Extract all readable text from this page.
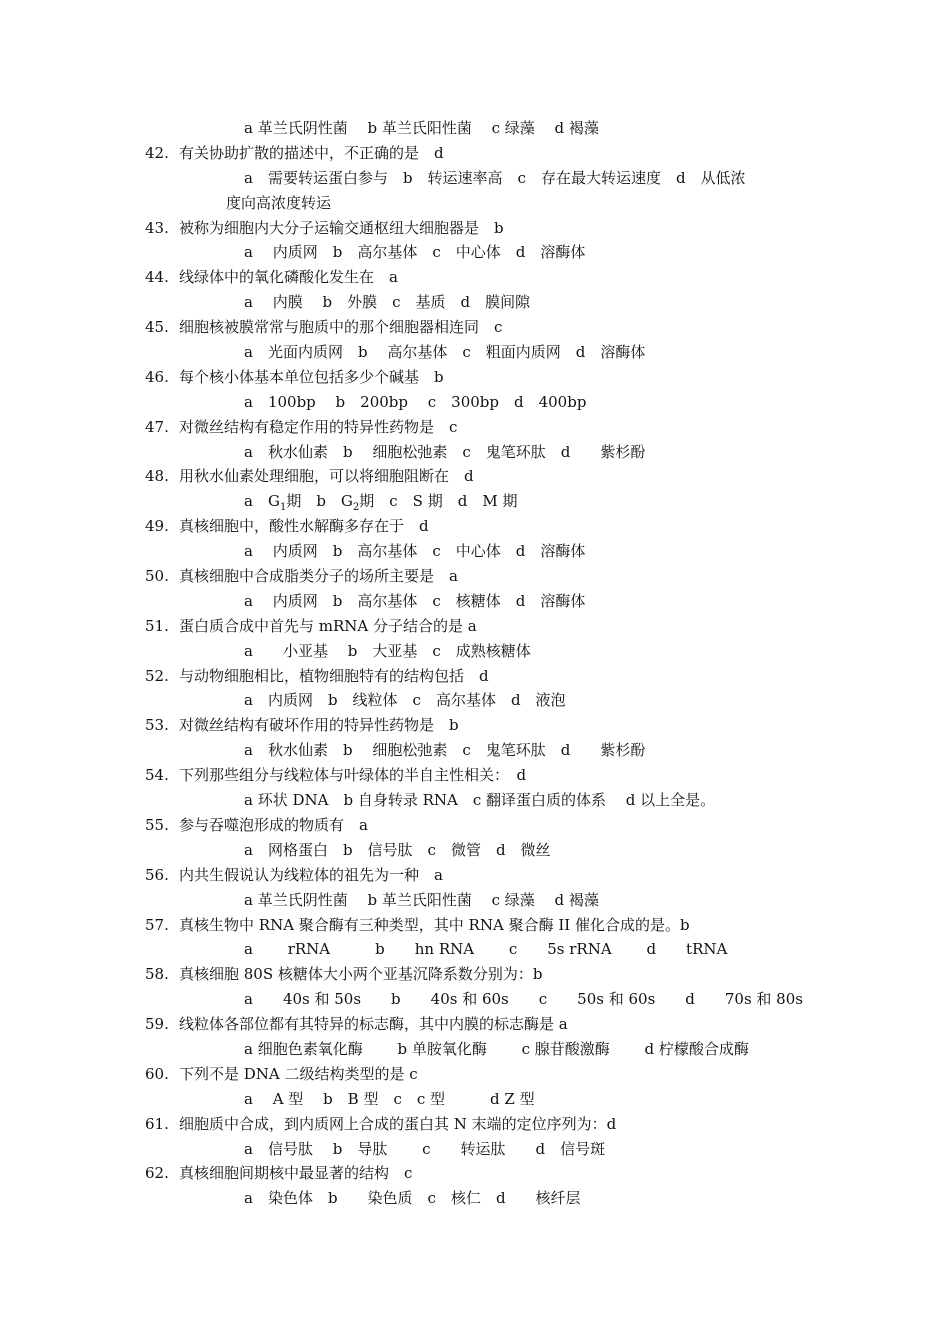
a 革兰氏阴性菌　 b 革兰氏阳性菌　 c 绿藻　 d 褐藻
42. 有关协助扩散的描述中，不正确的是　d
a　需要转运蛋白参与　b　转运速率高　c　存在最大转运速度　d　从低浓
度向高浓度转运
43. 被称为细胞内大分子运输交通枢纽大细胞器是　b
a　 内质网　b　高尔基体　c　中心体　d　溶酶体
44. 线绿体中的氧化磷酸化发生在　a
a　 内膜　 b　外膜　c　基质　d　膜间隙
45. 细胞核被膜常常与胞质中的那个细胞器相连同　c
a　光面内质网　b　 高尔基体　c　粗面内质网　d　溶酶体
46. 每个核小体基本单位包括多少个碱基　b
a　100bp　 b　200bp　 c　300bp　d　400bp
47. 对微丝结构有稳定作用的特异性药物是　c
a　秋水仙素　b　 细胞松弛素　c　鬼笔环肽　d　　紫杉酚
48. 用秋水仙素处理细胞，可以将细胞阻断在　d
a　$G_1$期　b　$G_2$期　c　S 期　d　M 期
49. 真核细胞中，酸性水解酶多存在于　d
a　 内质网　b　高尔基体　c　中心体　d　溶酶体
50. 真核细胞中合成脂类分子的场所主要是　a
a　 内质网　b　高尔基体　c　核糖体　d　溶酶体
51. 蛋白质合成中首先与 mRNA 分子结合的是 a
a　　小亚基　 b　大亚基　c　成熟核糖体
52. 与动物细胞相比，植物细胞特有的结构包括　d
a　内质网　b　线粒体　c　高尔基体　d　液泡
53. 对微丝结构有破坏作用的特异性药物是　b
a　秋水仙素　b　 细胞松弛素　c　鬼笔环肽　d　　紫杉酚
54. 下列那些组分与线粒体与叶绿体的半自主性相关：　d
a 环状 DNA　b 自身转录 RNA　c 翻译蛋白质的体系　 d 以上全是。
55. 参与吞噬泡形成的物质有　a
a　网格蛋白　b　信号肽　c　微管　d　微丝
56. 内共生假说认为线粒体的祖先为一种　a
a 革兰氏阴性菌　 b 革兰氏阳性菌　 c 绿藻　 d 褐藻
57. 真核生物中 RNA 聚合酶有三种类型，其中 RNA 聚合酶 II 催化合成的是。b
a　　 rRNA　　　b　　hn RNA　　 c　　5s rRNA　　 d　　tRNA
58. 真核细胞 80S 核糖体大小两个亚基沉降系数分别为：b
a　　40s 和 50s　　b　　40s 和 60s　　c　　50s 和 60s　　d　　70s 和 80s
59. 线粒体各部位都有其特异的标志酶，其中内膜的标志酶是 a
a 细胞色素氧化酶　　 b 单胺氧化酶　　 c 腺苷酸激酶　　 d 柠檬酸合成酶
60. 下列不是 DNA 二级结构类型的是 c
a　 A 型　 b　B 型　c　c 型　　　d Z 型
61. 细胞质中合成，到内质网上合成的蛋白其 N 末端的定位序列为：d
a　信号肽　 b　导肽　　 c　　转运肽　　d　信号斑
62. 真核细胞间期核中最显著的结构　c
a　染色体　b　　染色质　c　核仁　d　　核纤层
